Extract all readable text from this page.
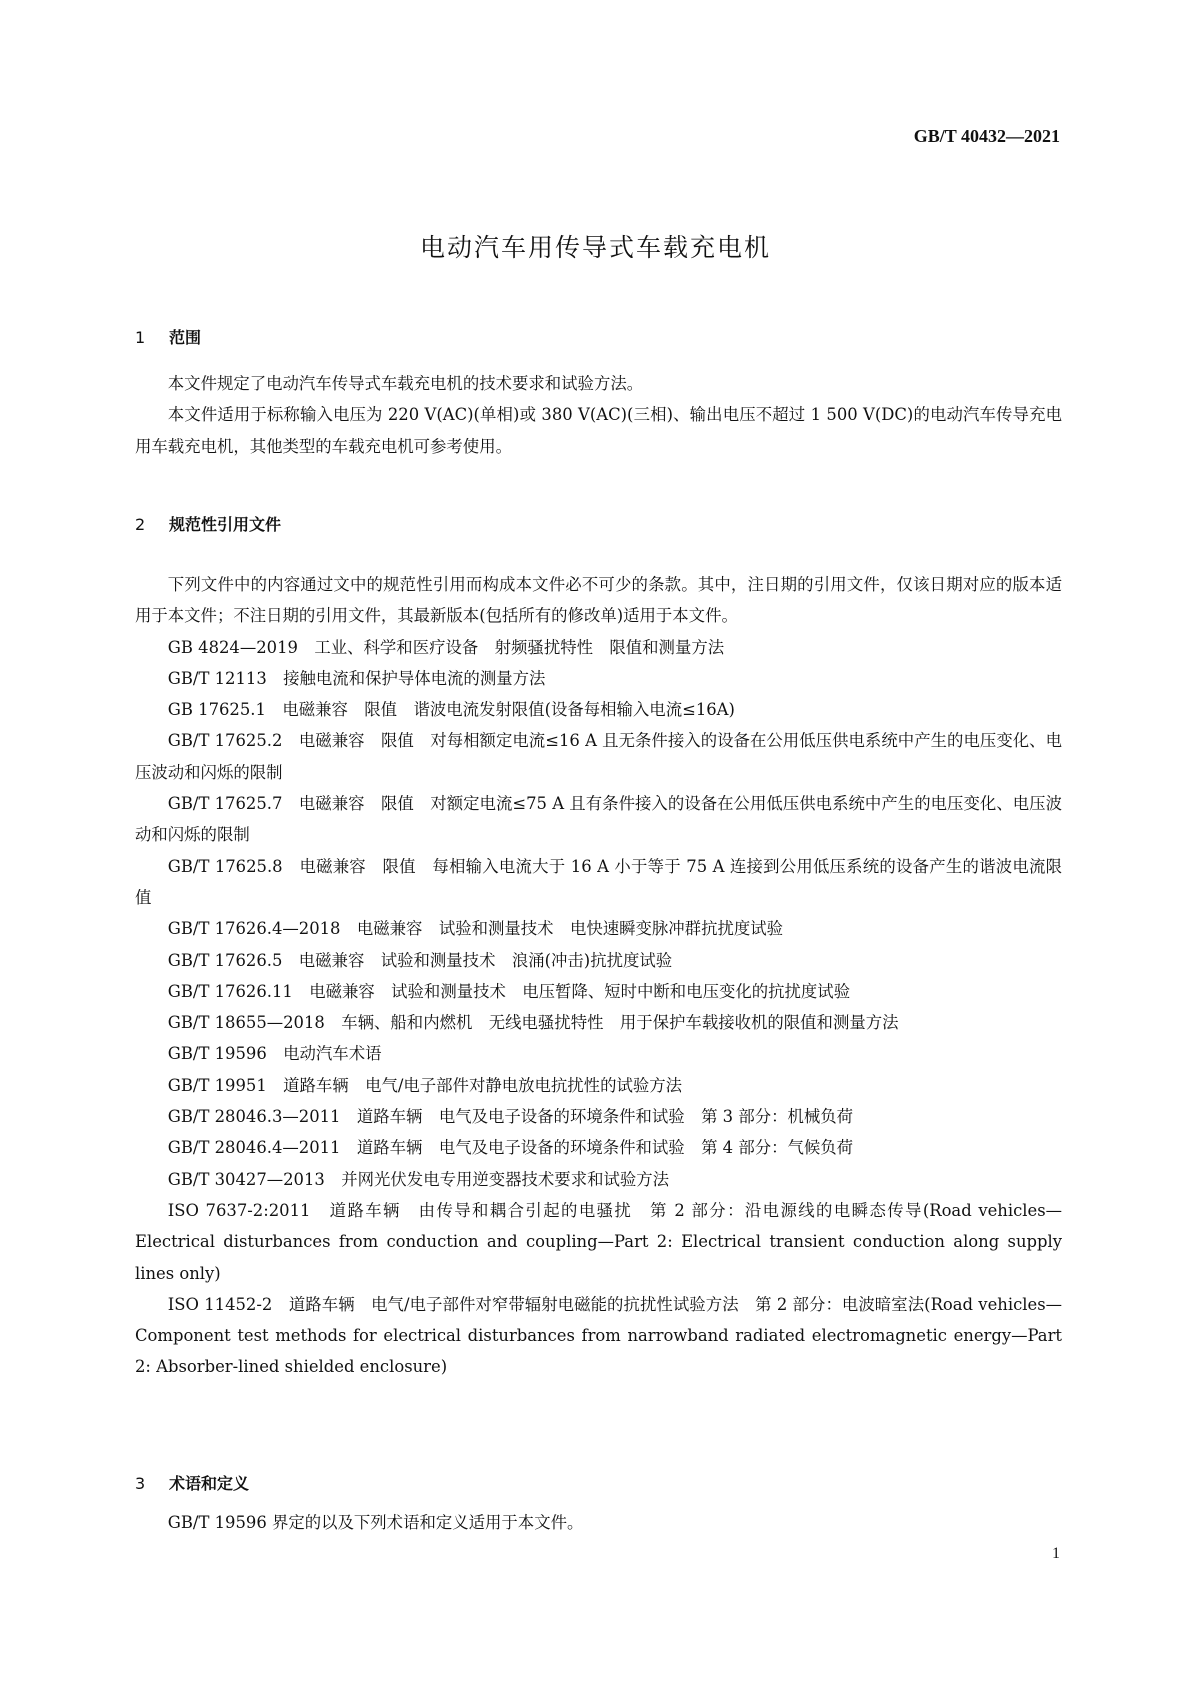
GB/T 40432—2021
电动汽车用传导式车载充电机
1 范围

本文件规定了电动汽车传导式车载充电机的技术要求和试验方法。

本文件适用于标称输入电压为 220 V(AC)(单相)或 380 V(AC)(三相)、输出电压不超过 1 500 V(DC)的电动汽车传导充电用车载充电机，其他类型的车载充电机可参考使用。

2 规范性引用文件

下列文件中的内容通过文中的规范性引用而构成本文件必不可少的条款。其中，注日期的引用文件，仅该日期对应的版本适用于本文件；不注日期的引用文件，其最新版本(包括所有的修改单)适用于本文件。

GB 4824—2019　工业、科学和医疗设备　射频骚扰特性　限值和测量方法

GB/T 12113　接触电流和保护导体电流的测量方法

GB 17625.1　电磁兼容　限值　谐波电流发射限值(设备每相输入电流≤16A)

GB/T 17625.2　电磁兼容　限值　对每相额定电流≤16 A 且无条件接入的设备在公用低压供电系统中产生的电压变化、电压波动和闪烁的限制

GB/T 17625.7　电磁兼容　限值　对额定电流≤75 A 且有条件接入的设备在公用低压供电系统中产生的电压变化、电压波动和闪烁的限制

GB/T 17625.8　电磁兼容　限值　每相输入电流大于 16 A 小于等于 75 A 连接到公用低压系统的设备产生的谐波电流限值

GB/T 17626.4—2018　电磁兼容　试验和测量技术　电快速瞬变脉冲群抗扰度试验

GB/T 17626.5　电磁兼容　试验和测量技术　浪涌(冲击)抗扰度试验

GB/T 17626.11　电磁兼容　试验和测量技术　电压暂降、短时中断和电压变化的抗扰度试验

GB/T 18655—2018　车辆、船和内燃机　无线电骚扰特性　用于保护车载接收机的限值和测量方法

GB/T 19596　电动汽车术语

GB/T 19951　道路车辆　电气/电子部件对静电放电抗扰性的试验方法

GB/T 28046.3—2011　道路车辆　电气及电子设备的环境条件和试验　第 3 部分：机械负荷

GB/T 28046.4—2011　道路车辆　电气及电子设备的环境条件和试验　第 4 部分：气候负荷

GB/T 30427—2013　并网光伏发电专用逆变器技术要求和试验方法

ISO 7637-2:2011　道路车辆　由传导和耦合引起的电骚扰　第 2 部分：沿电源线的电瞬态传导(Road vehicles—Electrical disturbances from conduction and coupling—Part 2: Electrical transient conduction along supply lines only)

ISO 11452-2　道路车辆　电气/电子部件对窄带辐射电磁能的抗扰性试验方法　第 2 部分：电波暗室法(Road vehicles—Component test methods for electrical disturbances from narrowband radiated electromagnetic energy—Part 2: Absorber-lined shielded enclosure)

3 术语和定义

GB/T 19596 界定的以及下列术语和定义适用于本文件。

1
